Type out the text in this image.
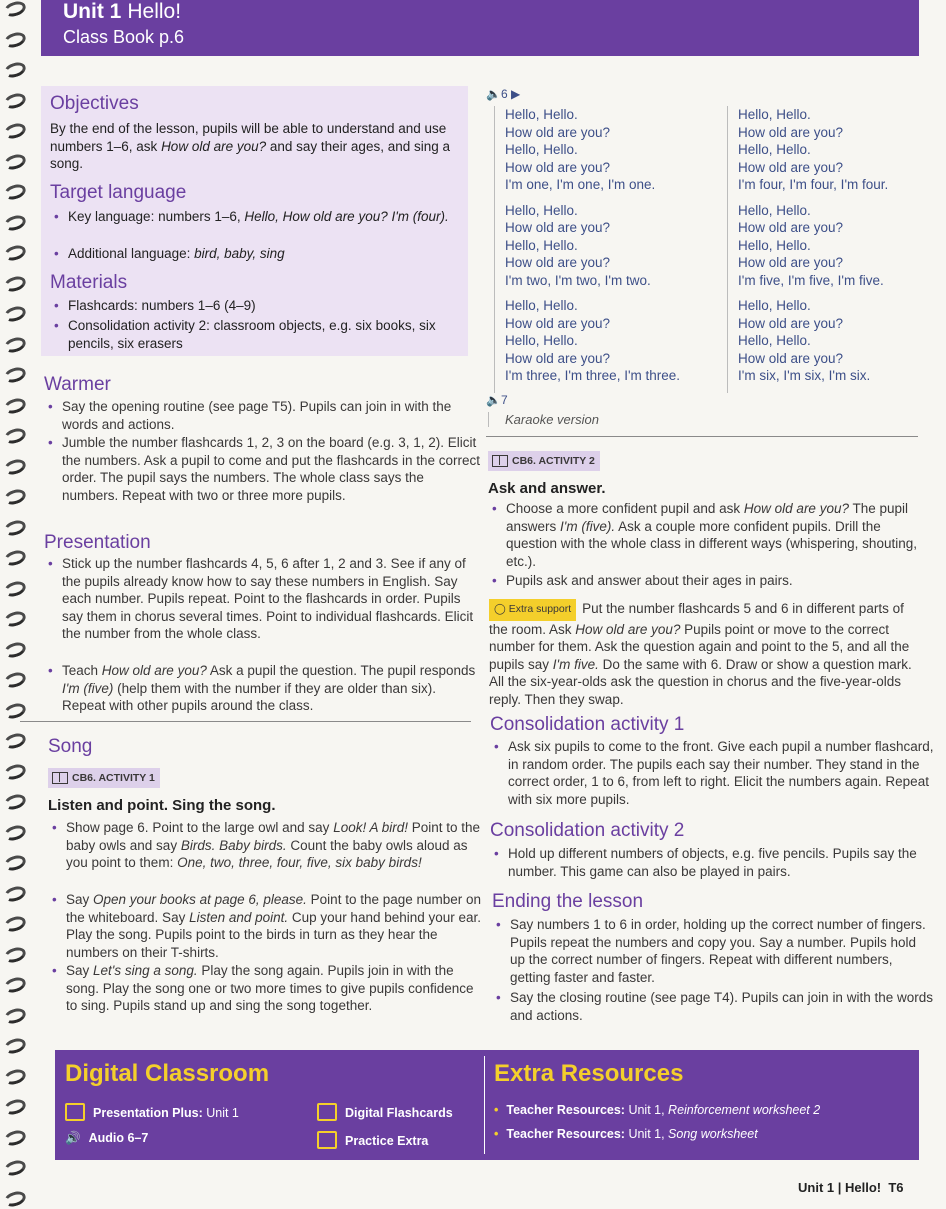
Unit 1 Hello!
Class Book p.6
Objectives
By the end of the lesson, pupils will be able to understand and use numbers 1–6, ask How old are you? and say their ages, and sing a song.
Target language
• Key language: numbers 1–6, Hello, How old are you? I'm (four).
• Additional language: bird, baby, sing
Materials
• Flashcards: numbers 1–6 (4–9)
• Consolidation activity 2: classroom objects, e.g. six books, six pencils, six erasers
Warmer
• Say the opening routine (see page T5). Pupils can join in with the words and actions.
• Jumble the number flashcards 1, 2, 3 on the board (e.g. 3, 1, 2). Elicit the numbers. Ask a pupil to come and put the flashcards in the correct order. The pupil says the numbers. The whole class says the numbers. Repeat with two or three more pupils.
Presentation
• Stick up the number flashcards 4, 5, 6 after 1, 2 and 3. See if any of the pupils already know how to say these numbers in English. Say each number. Pupils repeat. Point to the flashcards in order. Pupils say them in chorus several times. Point to individual flashcards. Elicit the number from the whole class.
• Teach How old are you? Ask a pupil the question. The pupil responds I'm (five) (help them with the number if they are older than six). Repeat with other pupils around the class.
Song
CB6. ACTIVITY 1
Listen and point. Sing the song.
• Show page 6. Point to the large owl and say Look! A bird! Point to the baby owls and say Birds. Baby birds. Count the baby owls aloud as you point to them: One, two, three, four, five, six baby birds!
• Say Open your books at page 6, please. Point to the page number on the whiteboard. Say Listen and point. Cup your hand behind your ear. Play the song. Pupils point to the birds in turn as they hear the numbers on their T-shirts.
• Say Let's sing a song. Play the song again. Pupils join in with the song. Play the song one or two more times to give pupils confidence to sing. Pupils stand up and sing the song together.
🔈6 ▶
Hello, Hello.
How old are you?
Hello, Hello.
How old are you?
I'm one, I'm one, I'm one.
Hello, Hello.
How old are you?
Hello, Hello.
How old are you?
I'm two, I'm two, I'm two.
Hello, Hello.
How old are you?
Hello, Hello.
How old are you?
I'm three, I'm three, I'm three.
Hello, Hello.
How old are you?
Hello, Hello.
How old are you?
I'm four, I'm four, I'm four.
Hello, Hello.
How old are you?
Hello, Hello.
How old are you?
I'm five, I'm five, I'm five.
Hello, Hello.
How old are you?
Hello, Hello.
How old are you?
I'm six, I'm six, I'm six.
🔈7
Karaoke version
CB6. ACTIVITY 2
Ask and answer.
• Choose a more confident pupil and ask How old are you? The pupil answers I'm (five). Ask a couple more confident pupils. Drill the question with the whole class in different ways (whispering, shouting, etc.).
• Pupils ask and answer about their ages in pairs.
◯ Extra support Put the number flashcards 5 and 6 in different parts of the room. Ask How old are you? Pupils point or move to the correct number for them. Ask the question again and point to the 5, and all the pupils say I'm five. Do the same with 6. Draw or show a question mark. All the six-year-olds ask the question in chorus and the five-year-olds reply. Then they swap.
Consolidation activity 1
• Ask six pupils to come to the front. Give each pupil a number flashcard, in random order. The pupils each say their number. They stand in the correct order, 1 to 6, from left to right. Elicit the numbers again. Repeat with six more pupils.
Consolidation activity 2
• Hold up different numbers of objects, e.g. five pencils. Pupils say the number. This game can also be played in pairs.
Ending the lesson
• Say numbers 1 to 6 in order, holding up the correct number of fingers. Pupils repeat the numbers and copy you. Say a number. Pupils hold up the correct number of fingers. Repeat with different numbers, getting faster and faster.
• Say the closing routine (see page T4). Pupils can join in with the words and actions.
Digital Classroom
Presentation Plus: Unit 1
🔊 Audio 6–7
Digital Flashcards
Practice Extra
Extra Resources
• Teacher Resources: Unit 1, Reinforcement worksheet 2
• Teacher Resources: Unit 1, Song worksheet
Unit 1 | Hello! T6
